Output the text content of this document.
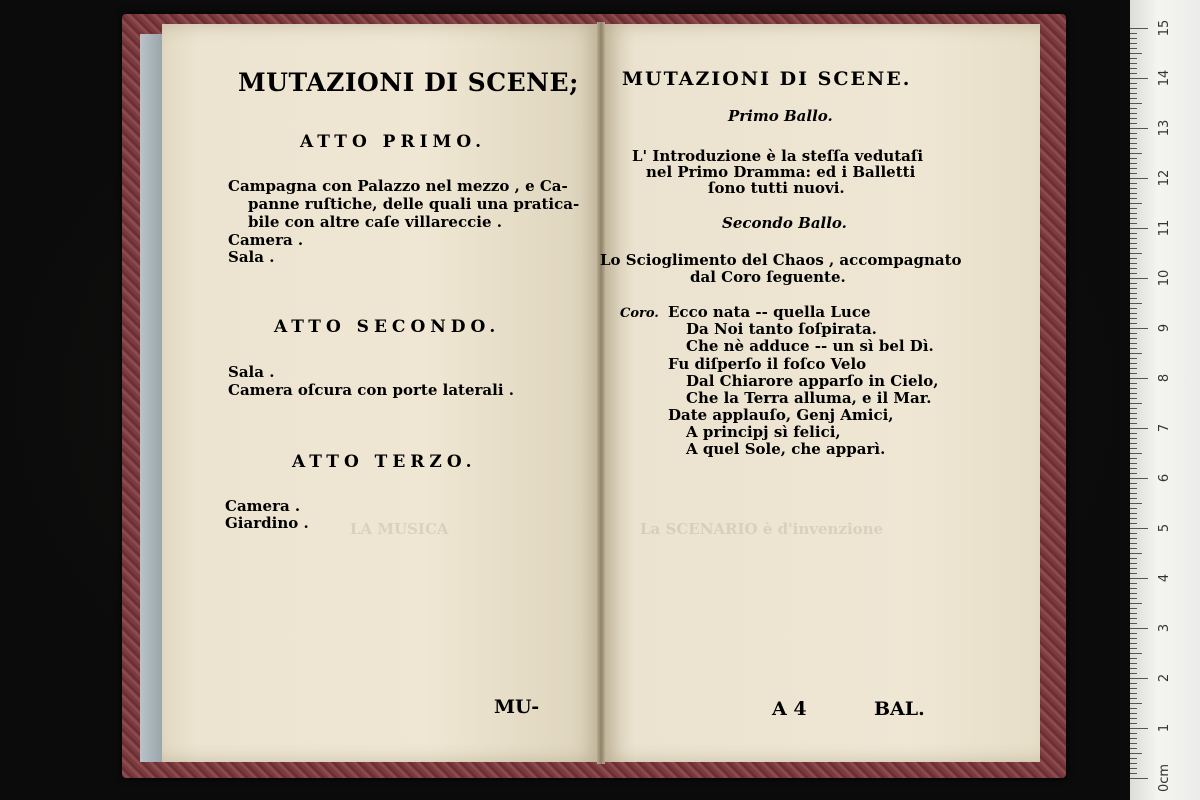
LA MUSICA	La SCENARIO è d'invenzione
MUTAZIONI DI SCENE;
ATTO PRIMO.
Campagna con Palazzo nel mezzo , e Ca-
panne ruſtiche, delle quali una pratica-
bile con altre caſe villareccie .
Camera .
Sala .
ATTO SECONDO.
Sala .
Camera oſcura con porte laterali .
ATTO TERZO.
Camera .
Giardino .
MU-
MUTAZIONI DI SCENE.
Primo Ballo.
L' Introduzione è la steſſa vedutaſi
nel Primo Dramma: ed i Balletti
ſono tutti nuovi.
Secondo Ballo.
Lo Scioglimento del Chaos , accompagnato
dal Coro ſeguente.
Coro. Ecco nata -- quella Luce
Da Noi tanto ſoſpirata.
Che nè adduce -- un sì bel Dì.
Fu diſperſo il foſco Velo
Dal Chiarore apparſo in Cielo,
Che la Terra alluma, e il Mar.
Date applauſo, Genj Amici,
A principj sì felici,
A quel Sole, che apparì.
A 4	BAL.
15
14
13
12
11
10
9
8
7
6
5
4
3
2
1
0cm
